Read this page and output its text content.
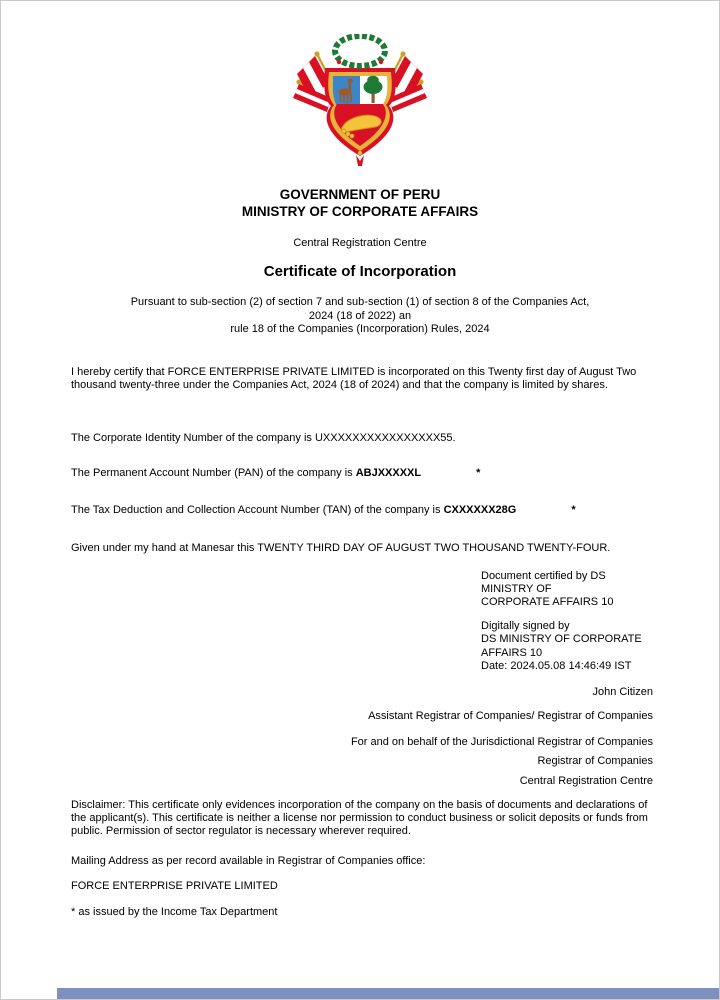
GOVERNMENT OF PERU
MINISTRY OF CORPORATE AFFAIRS
Central Registration Centre
Certificate of Incorporation
Pursuant to sub-section (2) of section 7 and sub-section (1) of section 8 of the Companies Act,
2024 (18 of 2022) an
rule 18 of the Companies (Incorporation) Rules, 2024

I hereby certify that FORCE ENTERPRISE PRIVATE LIMITED is incorporated on this Twenty first day of August Two thousand twenty-three under the Companies Act, 2024 (18 of 2024) and that the company is limited by shares.

The Corporate Identity Number of the company is UXXXXXXXXXXXXXXXX55.

The Permanent Account Number (PAN) of the company is ABJXXXXXL	*

The Tax Deduction and Collection Account Number (TAN) of the company is CXXXXXX28G	*

Given under my hand at Manesar this TWENTY THIRD DAY OF AUGUST TWO THOUSAND TWENTY-FOUR.

Document certified by DS
MINISTRY OF
CORPORATE AFFAIRS 10
Digitally signed by
DS MINISTRY OF CORPORATE
AFFAIRS 10
Date: 2024.05.08 14:46:49 IST
John Citizen
Assistant Registrar of Companies/ Registrar of Companies
For and on behalf of the Jurisdictional Registrar of Companies
Registrar of Companies
Central Registration Centre

Disclaimer: This certificate only evidences incorporation of the company on the basis of documents and declarations of the applicant(s). This certificate is neither a license nor permission to conduct business or solicit deposits or funds from public. Permission of sector regulator is necessary wherever required.

Mailing Address as per record available in Registrar of Companies office:

FORCE ENTERPRISE PRIVATE LIMITED

* as issued by the Income Tax Department
